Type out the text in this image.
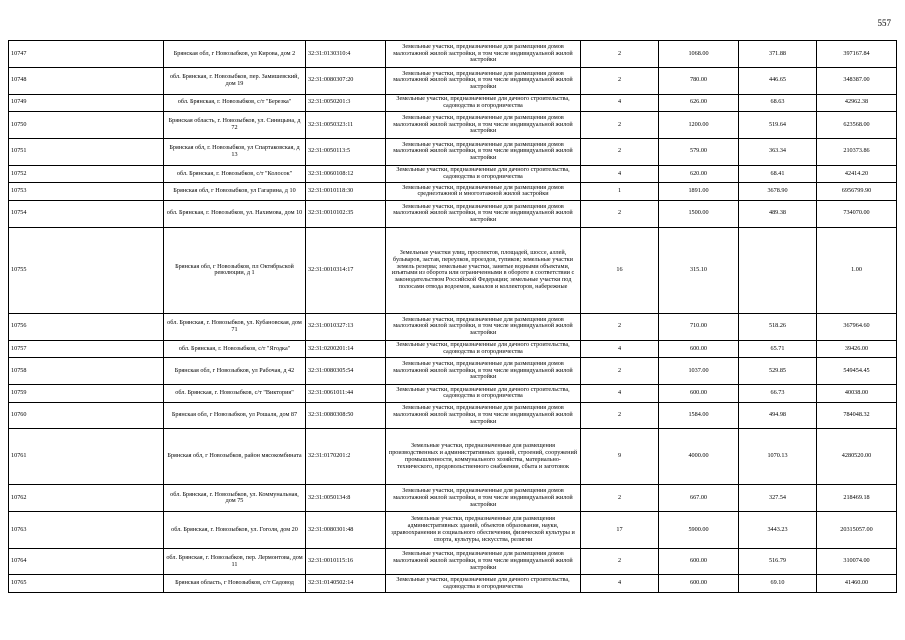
557
10747	Брянская обл, г Новозыбков, ул Кирова, дом 2	32:31:0130310:4	Земельные участки, предназначенные для размещения домов малоэтажной жилой застройки, в том числе индивидуальной жилой застройки	2	1068.00	371.88	397167.84
10748	обл. Брянская, г. Новозыбков, пер. Замишевский, дом 19	32:31:0080307:20	Земельные участки, предназначенные для размещения домов малоэтажной жилой застройки, в том числе индивидуальной жилой застройки	2	780.00	446.65	348387.00
10749	обл. Брянская, г. Новозыбков, с/т "Березка"	32:31:0050201:3	Земельные участки, предназначенные для дачного строительства, садоводства и огородничества	4	626.00	68.63	42962.38
10750	Брянская область, г. Новозыбков, ул. Синицына, д 72	32:31:0050323:11	Земельные участки, предназначенные для размещения домов малоэтажной жилой застройки, в том числе индивидуальной жилой застройки	2	1200.00	519.64	623568.00
10751	Брянская обл, г. Новозыбков, ул Спартаковская, д 13	32:31:0050113:5	Земельные участки, предназначенные для размещения домов малоэтажной жилой застройки, в том числе индивидуальной жилой застройки	2	579.00	363.34	210373.86
10752	обл. Брянская, г. Новозыбков, с/т "Колосок"	32:31:0060108:12	Земельные участки, предназначенные для дачного строительства, садоводства и огородничества	4	620.00	68.41	42414.20
10753	Брянская обл, г Новозыбков, ул Гагарина, д 10	32:31:0010118:30	Земельные участки, предназначенные для размещения домов среднеэтажной и многоэтажной жилой застройки	1	1891.00	3678.90	6956799.90
10754	обл. Брянская, г. Новозыбков, ул. Нахимова, дом 10	32:31:0010102:35	Земельные участки, предназначенные для размещения домов малоэтажной жилой застройки, в том числе индивидуальной жилой застройки	2	1500.00	489.38	734070.00
10755	Брянская обл, г Новозыбков, пл Октябрьской революции, д 1	32:31:0010314:17	Земельные участки улиц, проспектов, площадей, шоссе, аллей, бульваров, застав, переулков, проездов, тупиков; земельные участки земель резерва; земельные участки, занятые водными объектами, изъятыми из оборота или ограниченными в обороте в соответствии с законодательством Российской Федерации; земельные участки под полосами отвода водоемов, каналов и коллекторов, набережные	16	315.10		1.00
10756	обл. Брянская, г. Новозыбков, ул. Кубановская, дом 71	32:31:0010327:13	Земельные участки, предназначенные для размещения домов малоэтажной жилой застройки, в том числе индивидуальной жилой застройки	2	710.00	518.26	367964.60
10757	обл. Брянская, г. Новозыбков, с/т "Ягодка"	32:31:0200201:14	Земельные участки, предназначенные для дачного строительства, садоводства и огородничества	4	600.00	65.71	39426.00
10758	Брянская обл, г Новозыбков, ул Рабочая, д 42	32:31:0080305:54	Земельные участки, предназначенные для размещения домов малоэтажной жилой застройки, в том числе индивидуальной жилой застройки	2	1037.00	529.85	549454.45
10759	обл. Брянская, г. Новозыбков, с/т "Виктория"	32:31:0061011:44	Земельные участки, предназначенные для дачного строительства, садоводства и огородничества	4	600.00	66.73	40038.00
10760	Брянская обл, г Новозыбков, ул Рошаля, дом 87	32:31:0080308:50	Земельные участки, предназначенные для размещения домов малоэтажной жилой застройки, в том числе индивидуальной жилой застройки	2	1584.00	494.98	784048.32
10761	Брянская обл, г Новозыбков, район мясокомбината	32:31:0170201:2	Земельные участки, предназначенные для размещения производственных и административных зданий, строений, сооружений промышленности, коммунального хозяйства, материально-технического, продовольственного снабжения, сбыта и заготовок	9	4000.00	1070.13	4280520.00
10762	обл. Брянская, г. Новозыбков, ул. Коммунальная, дом 75	32:31:0050134:8	Земельные участки, предназначенные для размещения домов малоэтажной жилой застройки, в том числе индивидуальной жилой застройки	2	667.00	327.54	218469.18
10763	обл. Брянская, г. Новозыбков, ул. Гоголя, дом 20	32:31:0080301:48	Земельные участки, предназначенные для размещения административных зданий, объектов образования, науки, здравоохранения и социального обеспечения, физической культуры и спорта, культуры, искусства, религии	17	5900.00	3443.23	20315057.00
10764	обл. Брянская, г. Новозыбков, пер. Лермонтова, дом 11	32:31:0010115:16	Земельные участки, предназначенные для размещения домов малоэтажной жилой застройки, в том числе индивидуальной жилой застройки	2	600.00	516.79	310074.00
10765	Брянская область, г Новозыбков, с/т Садовод	32:31:0140502:14	Земельные участки, предназначенные для дачного строительства, садоводства и огородничества	4	600.00	69.10	41460.00
